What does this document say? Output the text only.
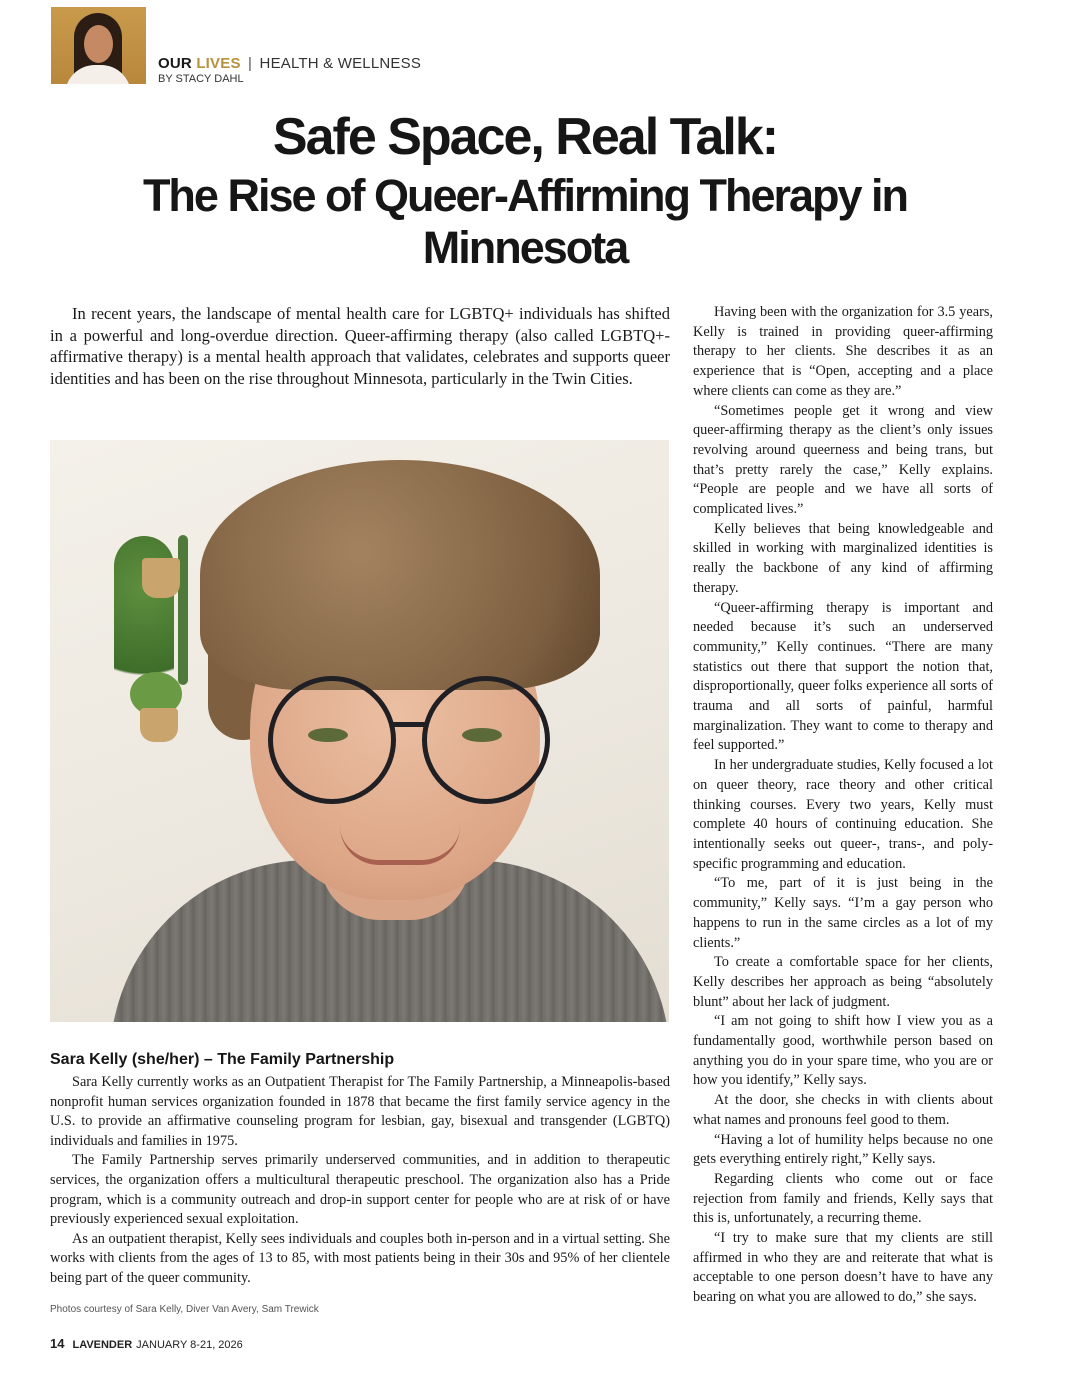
OUR LIVES | HEALTH & WELLNESS
BY STACY DAHL
Safe Space, Real Talk:
The Rise of Queer-Affirming Therapy in Minnesota

In recent years, the landscape of mental health care for LGBTQ+ individuals has shifted in a powerful and long-overdue direction. Queer-affirming therapy (also called LGBTQ+-affirmative therapy) is a mental health approach that validates, celebrates and supports queer identities and has been on the rise throughout Minnesota, particularly in the Twin Cities.

Sara Kelly (she/her) – The Family Partnership

Sara Kelly currently works as an Outpatient Therapist for The Family Partnership, a Minneapolis-based nonprofit human services organization founded in 1878 that became the first family service agency in the U.S. to provide an affirmative counseling program for lesbian, gay, bisexual and transgender (LGBTQ) individuals and families in 1975.

The Family Partnership serves primarily underserved communities, and in addition to therapeutic services, the organization offers a multicultural therapeutic preschool. The organization also has a Pride program, which is a community outreach and drop-in support center for people who are at risk of or have previously experienced sexual exploitation.

As an outpatient therapist, Kelly sees individuals and couples both in-person and in a virtual setting. She works with clients from the ages of 13 to 85, with most patients being in their 30s and 95% of her clientele being part of the queer community.

Having been with the organization for 3.5 years, Kelly is trained in providing queer-affirming therapy to her clients. She describes it as an experience that is “Open, accepting and a place where clients can come as they are.”

“Sometimes people get it wrong and view queer-affirming therapy as the client’s only issues revolving around queerness and being trans, but that’s pretty rarely the case,” Kelly explains. “People are people and we have all sorts of complicated lives.”

Kelly believes that being knowledgeable and skilled in working with marginalized identities is really the backbone of any kind of affirming therapy.

“Queer-affirming therapy is important and needed because it’s such an underserved community,” Kelly continues. “There are many statistics out there that support the notion that, disproportionally, queer folks experience all sorts of trauma and all sorts of painful, harmful marginalization. They want to come to therapy and feel supported.”

In her undergraduate studies, Kelly focused a lot on queer theory, race theory and other critical thinking courses. Every two years, Kelly must complete 40 hours of continuing education. She intentionally seeks out queer-, trans-, and poly-specific programming and education.

“To me, part of it is just being in the community,” Kelly says. “I’m a gay person who happens to run in the same circles as a lot of my clients.”

To create a comfortable space for her clients, Kelly describes her approach as being “absolutely blunt” about her lack of judgment.

“I am not going to shift how I view you as a fundamentally good, worthwhile person based on anything you do in your spare time, who you are or how you identify,” Kelly says.

At the door, she checks in with clients about what names and pronouns feel good to them.

“Having a lot of humility helps because no one gets everything entirely right,” Kelly says.

Regarding clients who come out or face rejection from family and friends, Kelly says that this is, unfortunately, a recurring theme.

“I try to make sure that my clients are still affirmed in who they are and reiterate that what is acceptable to one person doesn’t have to have any bearing on what you are allowed to do,” she says.

Photos courtesy of Sara Kelly, Diver Van Avery, Sam Trewick
14 LAVENDER JANUARY 8-21, 2026
